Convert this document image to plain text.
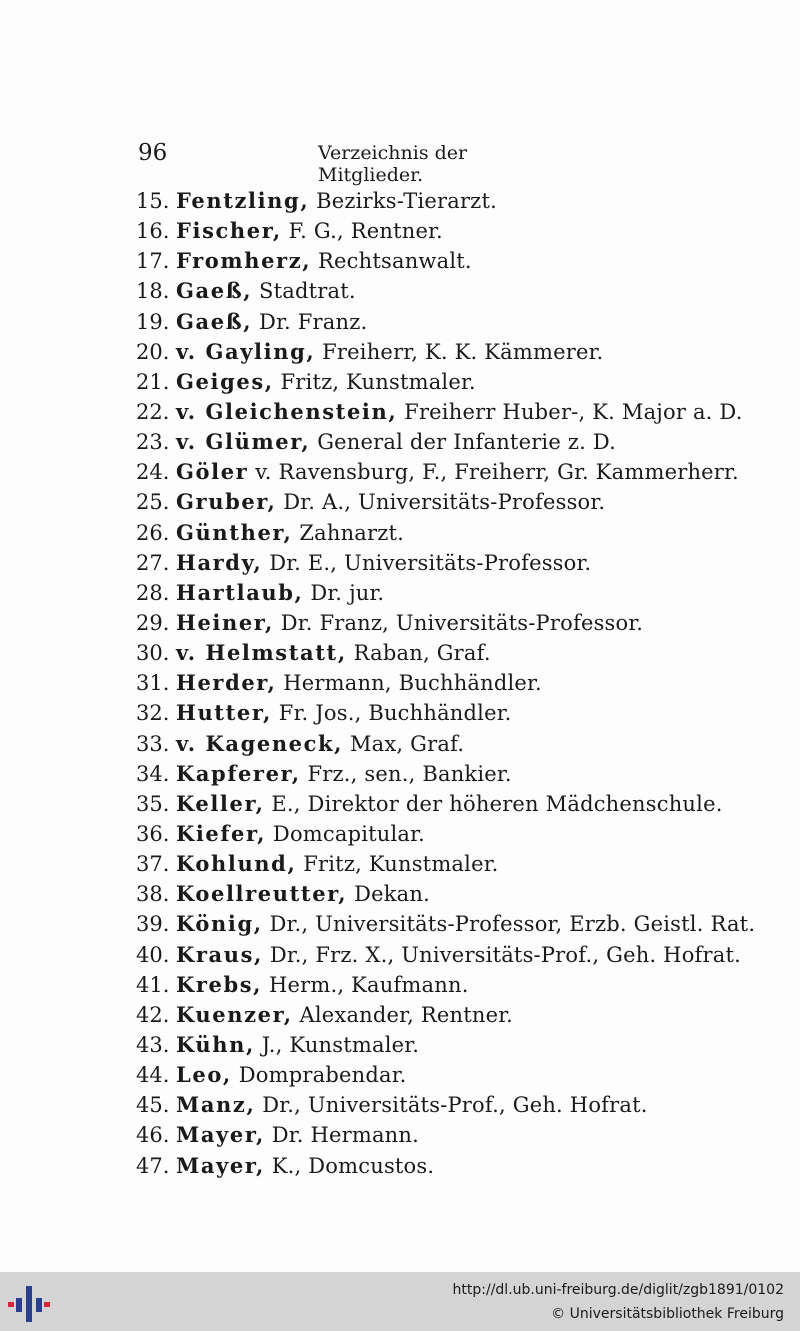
96	Verzeichnis der Mitglieder.
15. Fentzling, Bezirks-Tierarzt.
16. Fischer, F. G., Rentner.
17. Fromherz, Rechtsanwalt.
18. Gaeß, Stadtrat.
19. Gaeß, Dr. Franz.
20. v. Gayling, Freiherr, K. K. Kämmerer.
21. Geiges, Fritz, Kunstmaler.
22. v. Gleichenstein, Freiherr Huber-, K. Major a. D.
23. v. Glümer, General der Infanterie z. D.
24. Göler v. Ravensburg, F., Freiherr, Gr. Kammerherr.
25. Gruber, Dr. A., Universitäts-Professor.
26. Günther, Zahnarzt.
27. Hardy, Dr. E., Universitäts-Professor.
28. Hartlaub, Dr. jur.
29. Heiner, Dr. Franz, Universitäts-Professor.
30. v. Helmstatt, Raban, Graf.
31. Herder, Hermann, Buchhändler.
32. Hutter, Fr. Jos., Buchhändler.
33. v. Kageneck, Max, Graf.
34. Kapferer, Frz., sen., Bankier.
35. Keller, E., Direktor der höheren Mädchenschule.
36. Kiefer, Domcapitular.
37. Kohlund, Fritz, Kunstmaler.
38. Koellreutter, Dekan.
39. König, Dr., Universitäts-Professor, Erzb. Geistl. Rat.
40. Kraus, Dr., Frz. X., Universitäts-Prof., Geh. Hofrat.
41. Krebs, Herm., Kaufmann.
42. Kuenzer, Alexander, Rentner.
43. Kühn, J., Kunstmaler.
44. Leo, Domprabendar.
45. Manz, Dr., Universitäts-Prof., Geh. Hofrat.
46. Mayer, Dr. Hermann.
47. Mayer, K., Domcustos.
http://dl.ub.uni-freiburg.de/diglit/zgb1891/0102
© Universitätsbibliothek Freiburg
